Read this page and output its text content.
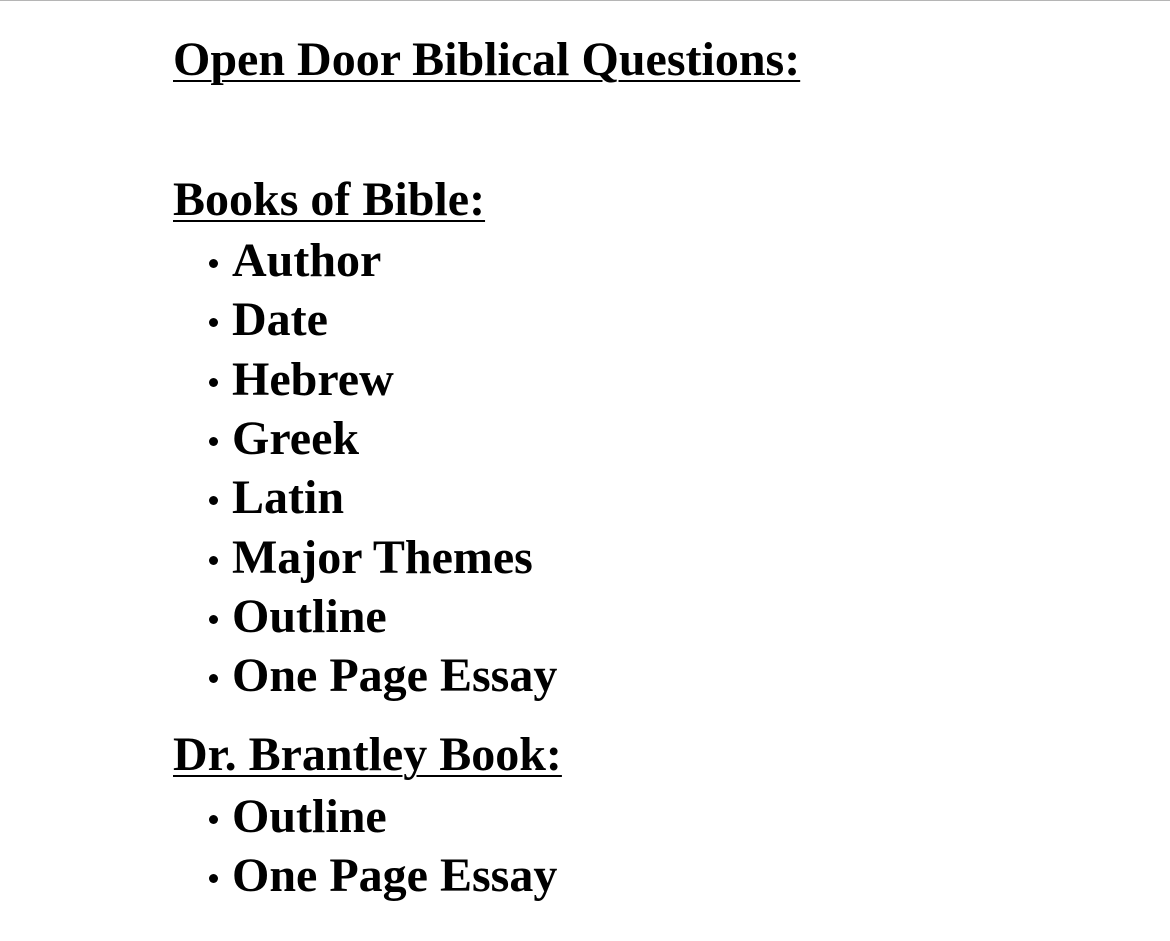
Open Door Biblical Questions:
Books of Bible:
Author
Date
Hebrew
Greek
Latin
Major Themes
Outline
One Page Essay
Dr. Brantley Book:
Outline
One Page Essay
